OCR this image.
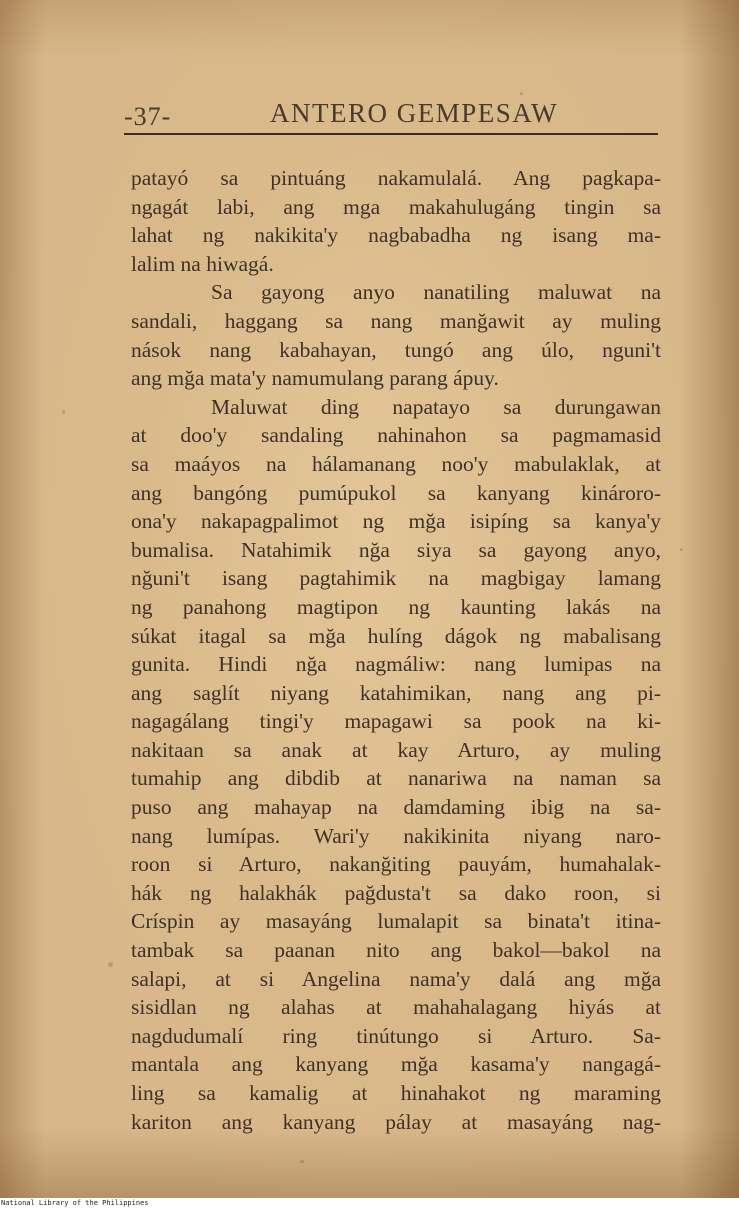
-37-	ANTERO GEMPESAW
patayó sa pintuáng nakamulalá. Ang pagkapa-
ngagát labi, ang mga makahulugáng tingin sa
lahat ng nakikita'y nagbabadha ng isang ma-
lalim na hiwagá.
Sa gayong anyo nanatiling maluwat na
sandali, haggang sa nang manğawit ay muling
nások nang kabahayan, tungó ang úlo, nguni't
ang mğa mata'y namumulang parang ápuy.
Maluwat ding napatayo sa durungawan
at doo'y sandaling nahinahon sa pagmamasid
sa maáyos na hálamanang noo'y mabulaklak, at
ang bangóng pumúpukol sa kanyang kinároro-
ona'y nakapagpalimot ng mğa isipíng sa kanya'y
bumalisa. Natahimik nğa siya sa gayong anyo,
nğuni't isang pagtahimik na magbigay lamang
ng panahong magtipon ng kaunting lakás na
súkat itagal sa mğa hulíng dágok ng mabalisang
gunita. Hindi nğa nagmáliw: nang lumipas na
ang saglít niyang katahimikan, nang ang pi-
nagagálang tingi'y mapagawi sa pook na ki-
nakitaan sa anak at kay Arturo, ay muling
tumahip ang dibdib at nanariwa na naman sa
puso ang mahayap na damdaming ibig na sa-
nang lumípas. Wari'y nakikinita niyang naro-
roon si Arturo, nakanğiting pauyám, humahalak-
hák ng halakhák pağdusta't sa dako roon, si
Críspin ay masayáng lumalapit sa binata't itina-
tambak sa paanan nito ang bakol—bakol na
salapi, at si Angelina nama'y dalá ang mğa
sisidlan ng alahas at mahahalagang hiyás at
nagdudumalí ring tinútungo si Arturo. Sa-
mantala ang kanyang mğa kasama'y nangagá-
ling sa kamalig at hinahakot ng maraming
kariton ang kanyang pálay at masayáng nag-
National Library of the Philippines
